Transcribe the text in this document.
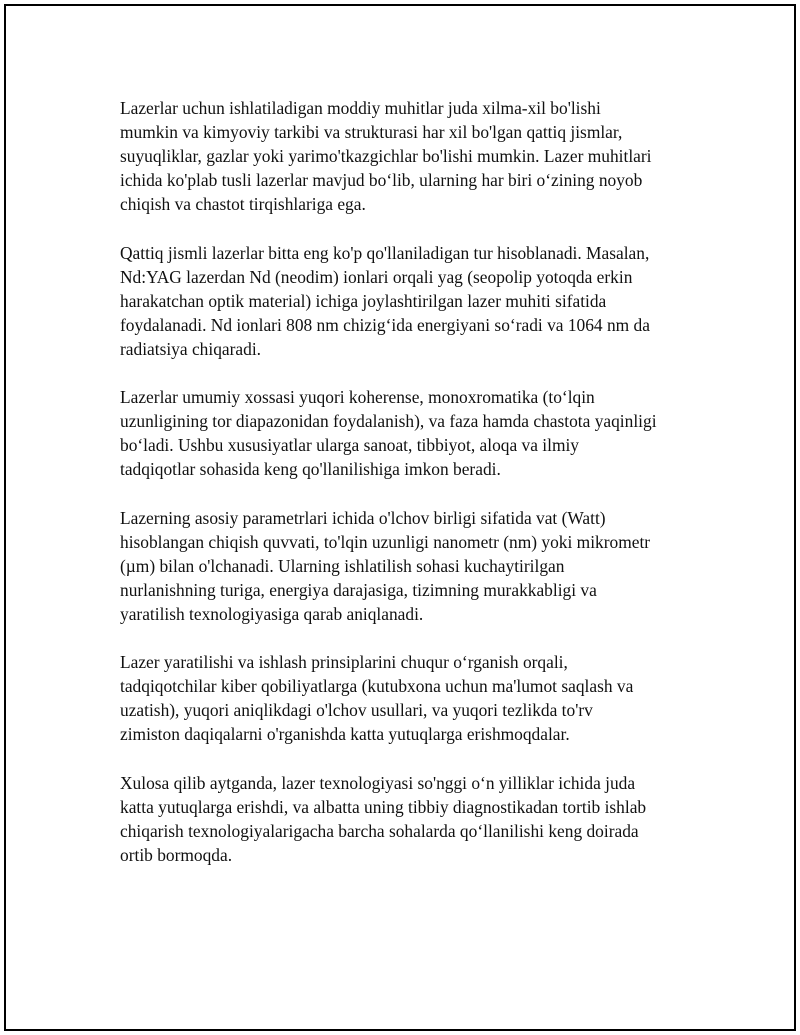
Lazerlar uchun ishlatiladigan moddiy muhitlar juda xilma-xil bo'lishi
mumkin va kimyoviy tarkibi va strukturasi har xil bo'lgan qattiq jismlar,
suyuqliklar, gazlar yoki yarimo'tkazgichlar bo'lishi mumkin. Lazer muhitlari
ichida ko'plab tusli lazerlar mavjud bo‘lib, ularning har biri o‘zining noyob
chiqish va chastot tirqishlariga ega.

Qattiq jismli lazerlar bitta eng ko'p qo'llaniladigan tur hisoblanadi. Masalan,
Nd:YAG lazerdan Nd (neodim) ionlari orqali yag (seopolip yotoqda erkin
harakatchan optik material) ichiga joylashtirilgan lazer muhiti sifatida
foydalanadi. Nd ionlari 808 nm chizig‘ida energiyani so‘radi va 1064 nm da
radiatsiya chiqaradi.

Lazerlar umumiy xossasi yuqori koherense, monoxromatika (to‘lqin
uzunligining tor diapazonidan foydalanish), va faza hamda chastota yaqinligi
bo‘ladi. Ushbu xususiyatlar ularga sanoat, tibbiyot, aloqa va ilmiy
tadqiqotlar sohasida keng qo'llanilishiga imkon beradi.

Lazerning asosiy parametrlari ichida o'lchov birligi sifatida vat (Watt)
hisoblangan chiqish quvvati, to'lqin uzunligi nanometr (nm) yoki mikrometr
(µm) bilan o'lchanadi. Ularning ishlatilish sohasi kuchaytirilgan
nurlanishning turiga, energiya darajasiga, tizimning murakkabligi va
yaratilish texnologiyasiga qarab aniqlanadi.

Lazer yaratilishi va ishlash prinsiplarini chuqur o‘rganish orqali,
tadqiqotchilar kiber qobiliyatlarga (kutubxona uchun ma'lumot saqlash va
uzatish), yuqori aniqlikdagi o'lchov usullari, va yuqori tezlikda to'rv
zimiston daqiqalarni o'rganishda katta yutuqlarga erishmoqdalar.

Xulosa qilib aytganda, lazer texnologiyasi so'nggi o‘n yilliklar ichida juda
katta yutuqlarga erishdi, va albatta uning tibbiy diagnostikadan tortib ishlab
chiqarish texnologiyalarigacha barcha sohalarda qo‘llanilishi keng doirada
ortib bormoqda.
